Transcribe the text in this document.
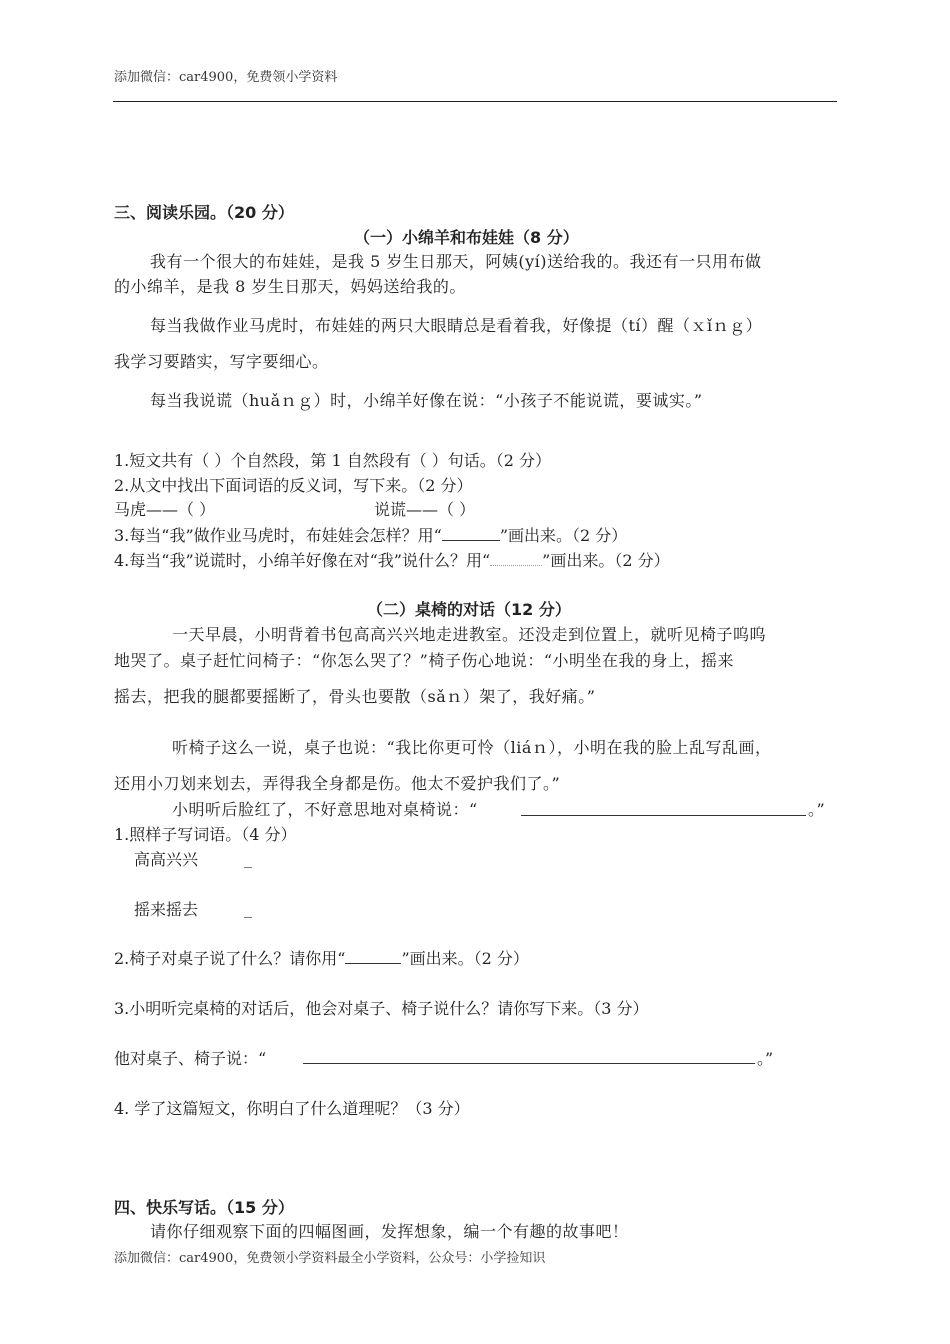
添加微信：car4900，免费领小学资料
三、阅读乐园。（20 分）
（一）小绵羊和布娃娃（8 分）
我有一个很大的布娃娃，是我 5 岁生日那天，阿姨(yí)送给我的。我还有一只用布做
的小绵羊，是我 8 岁生日那天，妈妈送给我的。
每当我做作业马虎时，布娃娃的两只大眼睛总是看着我，好像提（tí）醒（ｘǐｎｇ）
我学习要踏实，写字要细心。
每当我说谎（huǎｎｇ）时，小绵羊好像在说：“小孩子不能说谎，要诚实。”
1.短文共有（ ）个自然段，第 1 自然段有（ ）句话。（2 分）
2.从文中找出下面词语的反义词，写下来。（2 分）
马虎——（ ）	说谎——（ ）
3.每当“我”做作业马虎时，布娃娃会怎样？用“	”画出来。（2 分）
4.每当“我”说谎时，小绵羊好像在对“我”说什么？用“	”画出来。（2 分）
（二）桌椅的对话（12 分）
一天早晨，小明背着书包高高兴兴地走进教室。还没走到位置上，就听见椅子呜呜
地哭了。桌子赶忙问椅子：“你怎么哭了？”椅子伤心地说：“小明坐在我的身上，摇来
摇去，把我的腿都要摇断了，骨头也要散（sǎｎ）架了，我好痛。”
听椅子这么一说，桌子也说：“我比你更可怜（liáｎ），小明在我的脸上乱写乱画，
还用小刀划来划去，弄得我全身都是伤。他太不爱护我们了。”
小明听后脸红了，不好意思地对桌椅说：“	。”
1.照样子写词语。（4 分）
高高兴兴	_
摇来摇去	_
2.椅子对桌子说了什么？请你用“	”画出来。（2 分）
3.小明听完桌椅的对话后，他会对桌子、椅子说什么？请你写下来。（3 分）
他对桌子、椅子说：“	。”
4. 学了这篇短文，你明白了什么道理呢？（3 分）
四、快乐写话。（15 分）
请你仔细观察下面的四幅图画，发挥想象，编一个有趣的故事吧！
添加微信：car4900，免费领小学资料最全小学资料，公众号：小学捡知识
